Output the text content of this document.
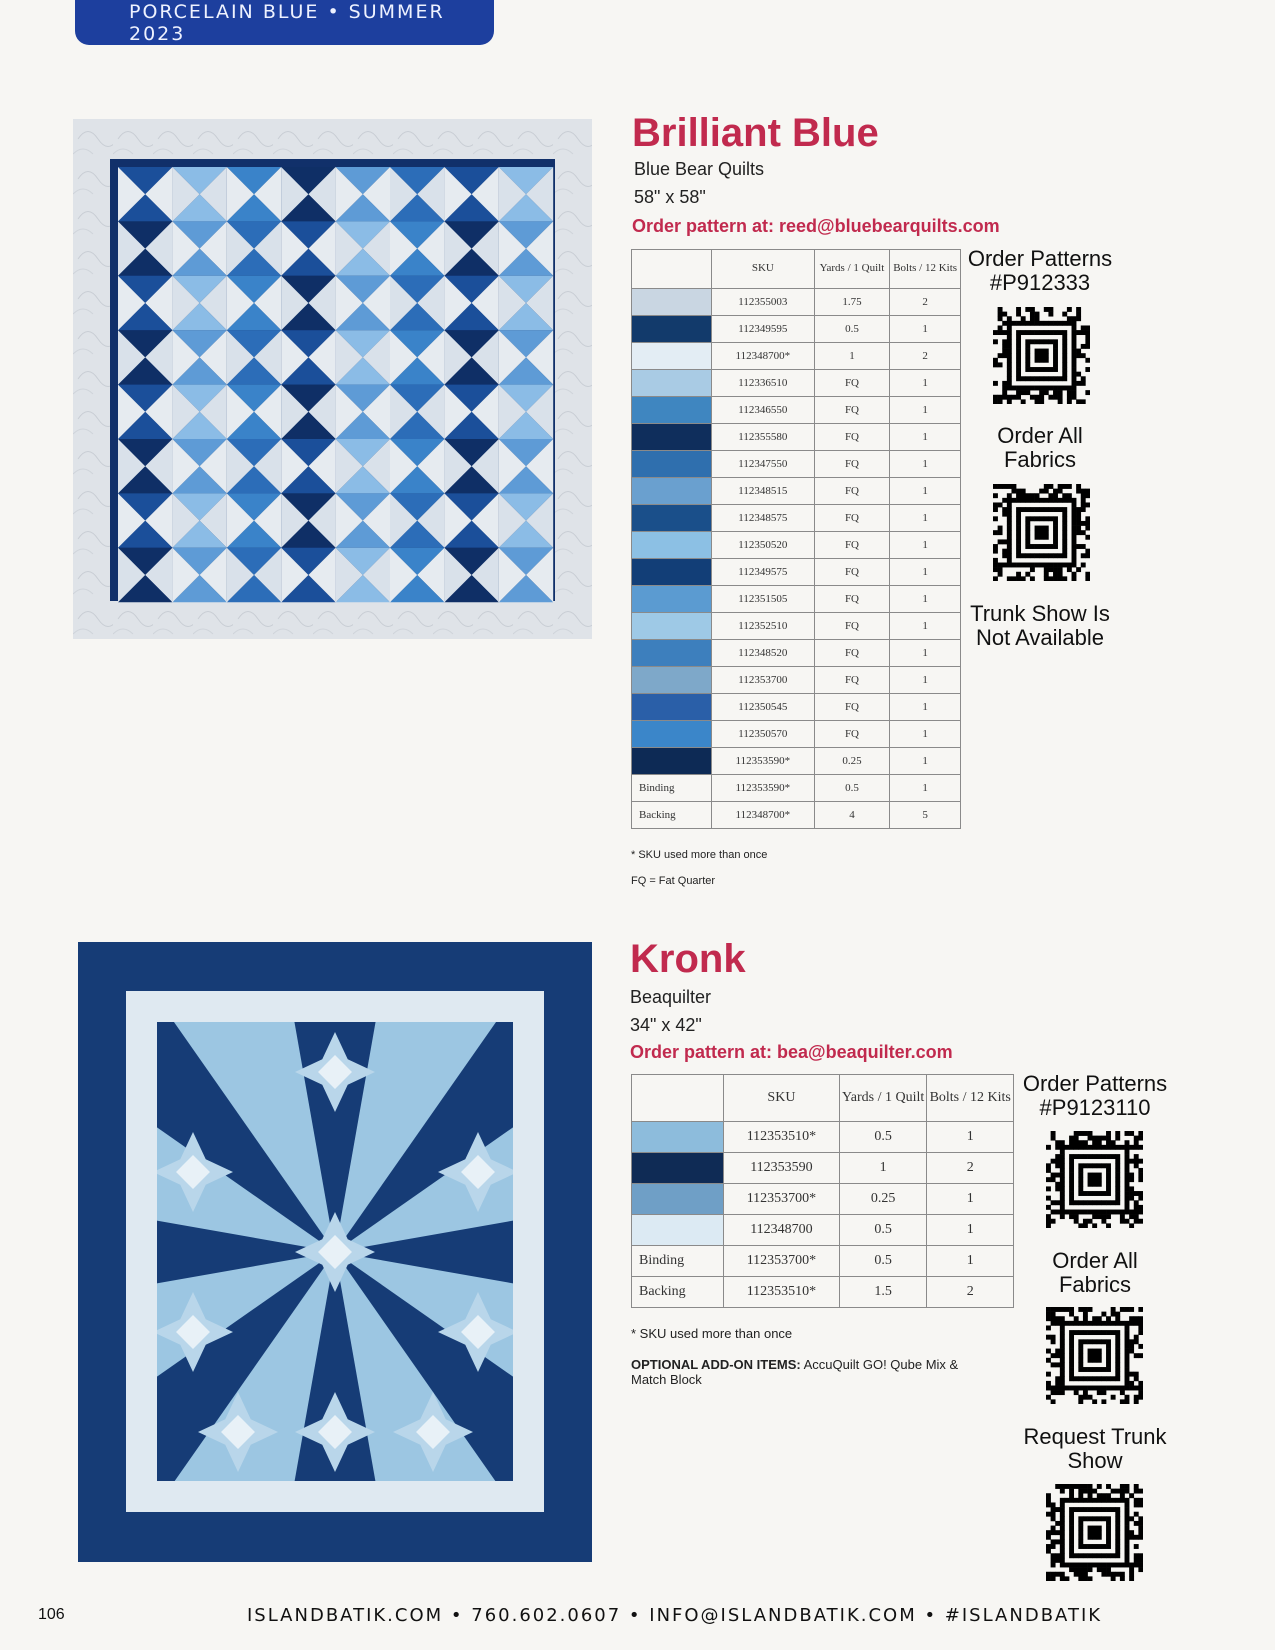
PORCELAIN BLUE • SUMMER 2023
Brilliant Blue
Blue Bear Quilts
58" x 58"
Order pattern at: reed@bluebearquilts.com
	SKU	Yards / 1 Quilt	Bolts / 12 Kits
	112355003	1.75	2
	112349595	0.5	1
	112348700*	1	2
	112336510	FQ	1
	112346550	FQ	1
	112355580	FQ	1
	112347550	FQ	1
	112348515	FQ	1
	112348575	FQ	1
	112350520	FQ	1
	112349575	FQ	1
	112351505	FQ	1
	112352510	FQ	1
	112348520	FQ	1
	112353700	FQ	1
	112350545	FQ	1
	112350570	FQ	1
	112353590*	0.25	1
Binding	112353590*	0.5	1
Backing	112348700*	4	5
* SKU used more than once
FQ = Fat Quarter
Order Patterns #P912333
Order All Fabrics
Trunk Show Is Not Available
Kronk
Beaquilter
34" x 42"
Order pattern at: bea@beaquilter.com
	SKU	Yards / 1 Quilt	Bolts / 12 Kits
	112353510*	0.5	1
	112353590	1	2
	112353700*	0.25	1
	112348700	0.5	1
Binding	112353700*	0.5	1
Backing	112353510*	1.5	2
* SKU used more than once
OPTIONAL ADD-ON ITEMS: AccuQuilt GO! Qube Mix & Match Block
Order Patterns #P9123110
Order All Fabrics
Request Trunk Show
106	ISLANDBATIK.COM • 760.602.0607 • INFO@ISLANDBATIK.COM • #ISLANDBATIK
